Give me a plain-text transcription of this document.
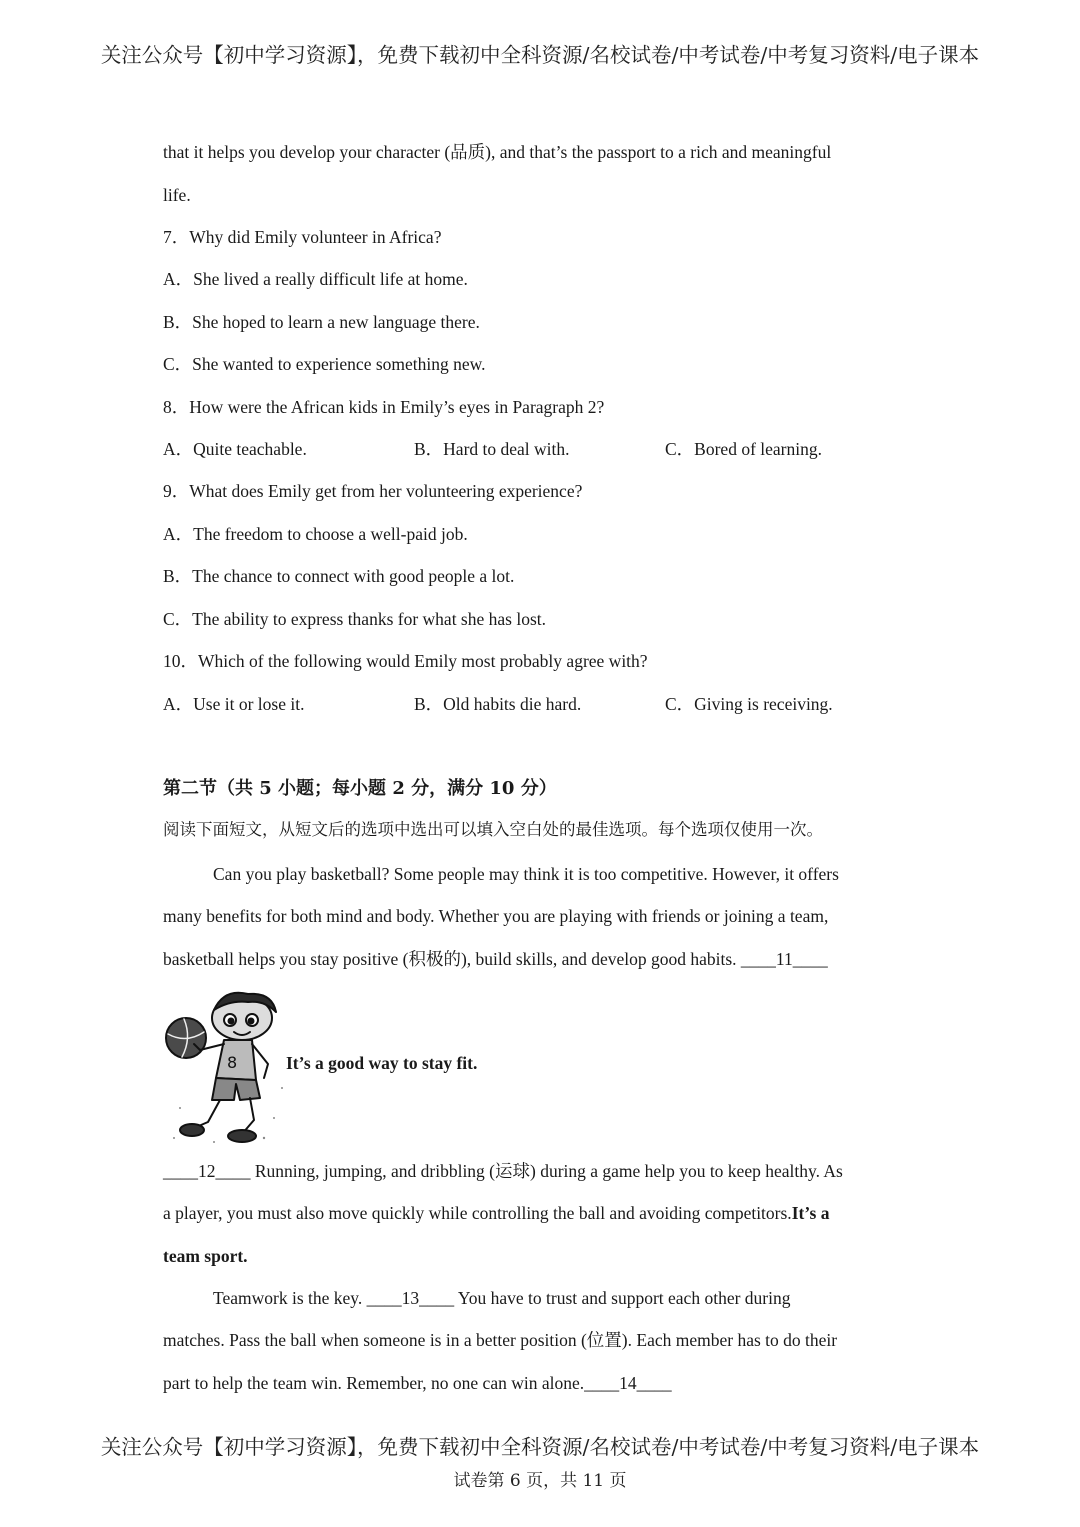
关注公众号【初中学习资源】，免费下载初中全科资源/名校试卷/中考试卷/中考复习资料/电子课本
that it helps you develop your character (品质), and that’s the passport to a rich and meaningful
life.
7．Why did Emily volunteer in Africa?
A．She lived a really difficult life at home.
B．She hoped to learn a new language there.
C．She wanted to experience something new.
8．How were the African kids in Emily’s eyes in Paragraph 2?
A．Quite teachable.	B．Hard to deal with.	C．Bored of learning.
9．What does Emily get from her volunteering experience?
A．The freedom to choose a well-paid job.
B．The chance to connect with good people a lot.
C．The ability to express thanks for what she has lost.
10．Which of the following would Emily most probably agree with?
A．Use it or lose it.	B．Old habits die hard.	C．Giving is receiving.
第二节（共 5 小题；每小题 2 分，满分 10 分）
阅读下面短文，从短文后的选项中选出可以填入空白处的最佳选项。每个选项仅使用一次。
Can you play basketball? Some people may think it is too competitive. However, it offers
many benefits for both mind and body. Whether you are playing with friends or joining a team,
basketball helps you stay positive (积极的), build skills, and develop good habits. ____11____
____12____ Running, jumping, and dribbling (运球) during a game help you to keep healthy. As
a player, you must also move quickly while controlling the ball and avoiding competitors.It’s a
team sport.
Teamwork is the key. ____13____ You have to trust and support each other during
matches. Pass the ball when someone is in a better position (位置). Each member has to do their
part to help the team win. Remember, no one can win alone.____14____
8	It’s a good way to stay fit.
关注公众号【初中学习资源】，免费下载初中全科资源/名校试卷/中考试卷/中考复习资料/电子课本
试卷第 6 页，共 11 页
